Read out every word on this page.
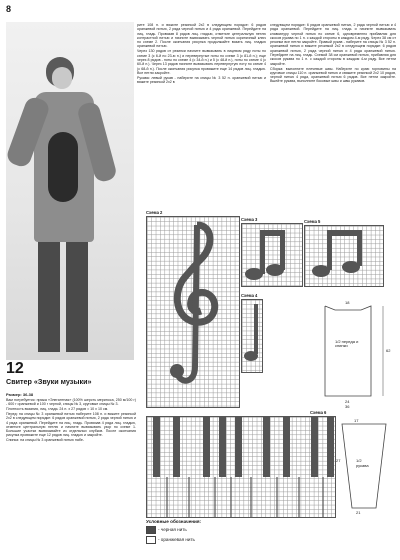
8
12
Свитер «Звуки музыки»

Размер: 36-38

Вам потребуется: пряжа «Элегантная» (100% шерсть мериноса, 250 м/100 г) - 600 г оранжевой и 100 г черной, спицы № 3, круговые спицы № 3.

Плотность вязания, лиц. гладь: 24 п. x 27 рядов = 10 x 10 см.

Перед: на спицы № 3 оранжевой нитью наберите 108 п. и вяжите резинкой 2x2 в следующем порядке: 6 рядов оранжевой нитью, 2 ряда черной нитью и 4 ряда оранжевой. Перейдите на лиц. гладь. Провязав 4 ряда лиц. гладью, отметьте центральную петлю и начните вывязывать узор по схеме 1. Большие участки вывязывайте из отдельных клубков. После окончания рисунка провяжите еще 12 рядов лиц. гладью и закройте.

Спинка: на спицы № 3 оранжевой нитью набе-

рите 108 п. и вяжите резинкой 2x2 в следующем порядке: 6 рядов оранжевой нитью, 2 ряда черной нитью и 4 ряда оранжевой. Перейдите на лиц. гладь. Провязав 8 рядов лиц. гладью, отметьте центральную петлю контрастной нитью и начните вывязывать черной нитью скрипичный ключ по схеме 2. После окончания рисунка продолжайте вязать лиц. гладью оранжевой нитью.

Через 130 рядов от резинки начните вывязывать в лицевом ряду ноты по схеме 3 (с 6-й по 23-ю п.) и перевернутые ноты по схеме 3 (с 81-й п.); еще через 8 рядов - ноты по схеме 4 (с 34-й п.) и 5 (с 48-й п.), ноты по схеме 4 (с 60-й п.). Через 13 рядов начните вывязывать перевернутую ноту по схеме 4 (с 68-й п.). После окончания рисунка провяжите еще 14 рядов лиц. гладью. Все петли закройте.

Рукава: левый рукав - наберите на спицы № 3 52 п. оранжевой нитью и вяжите резинкой 2x2 в

следующем порядке: 6 рядов оранжевой нитью, 2 ряда черной нитью и 4 ряда оранжевой. Перейдите на лиц. гладь и начните вывязывать клавиатуру черной нитью по схеме 6, одновременно прибавляя для скосов рукава по 1 п. с каждой стороны в каждом 4-м ряду. Через 38 см от резинки все петли закройте. Правый рукав - наберите на спицы № 3 52 п. оранжевой нитью и вяжите резинкой 2x2 в следующем порядке: 6 рядов оранжевой нитью, 2 ряда черной нитью и 4 ряда оранжевой нитью. Перейдите на лиц. гладь. Схемой 38 см оранжевой нитью, прибавляя для скосов рукава по 1 п. с каждой стороны в каждом 4-м ряду. Все петли закройте.

Сборка: выполните плечевые швы. Наберите по краю горловины на круговые спицы 110 п. оранжевой нитью и свяжите резинкой 2x2 10 рядов, черной нитью 4 ряда, оранжевой нитью 6 рядов. Все петли закройте. Вшейте рукава, выполните боковые швы и швы рукавов.

Схема 2
Схема 3
Схема 4
Схема 5
18
1/2 переда и спинки
62
24
36
Схема 6
17
27	1/2 рукава
21
Условные обозначения:
- черная нить
- оранжевая нить
